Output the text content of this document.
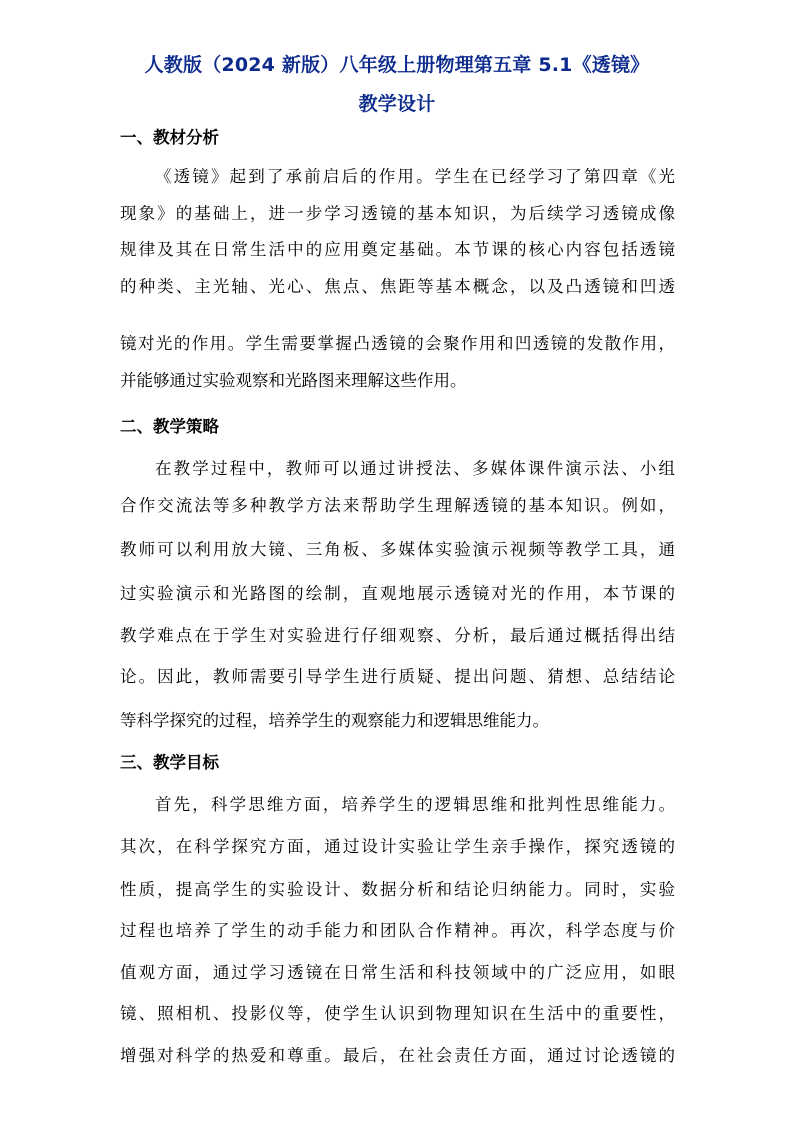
人教版（2024 新版）八年级上册物理第五章 5.1《透镜》
教学设计
一、教材分析
《透镜》起到了承前启后的作用。学生在已经学习了第四章《光
现象》的基础上，进一步学习透镜的基本知识，为后续学习透镜成像
规律及其在日常生活中的应用奠定基础。本节课的核心内容包括透镜
的种类、主光轴、光心、焦点、焦距等基本概念，以及凸透镜和凹透
镜对光的作用。学生需要掌握凸透镜的会聚作用和凹透镜的发散作用，
并能够通过实验观察和光路图来理解这些作用。
二、教学策略
在教学过程中，教师可以通过讲授法、多媒体课件演示法、小组
合作交流法等多种教学方法来帮助学生理解透镜的基本知识。例如，
教师可以利用放大镜、三角板、多媒体实验演示视频等教学工具，通
过实验演示和光路图的绘制，直观地展示透镜对光的作用，本节课的
教学难点在于学生对实验进行仔细观察、分析，最后通过概括得出结
论。因此，教师需要引导学生进行质疑、提出问题、猜想、总结结论
等科学探究的过程，培养学生的观察能力和逻辑思维能力。
三、教学目标
首先，科学思维方面，培养学生的逻辑思维和批判性思维能力。
其次，在科学探究方面，通过设计实验让学生亲手操作，探究透镜的
性质，提高学生的实验设计、数据分析和结论归纳能力。同时，实验
过程也培养了学生的动手能力和团队合作精神。再次，科学态度与价
值观方面，通过学习透镜在日常生活和科技领域中的广泛应用，如眼
镜、照相机、投影仪等，使学生认识到物理知识在生活中的重要性，
增强对科学的热爱和尊重。最后，在社会责任方面，通过讨论透镜的
